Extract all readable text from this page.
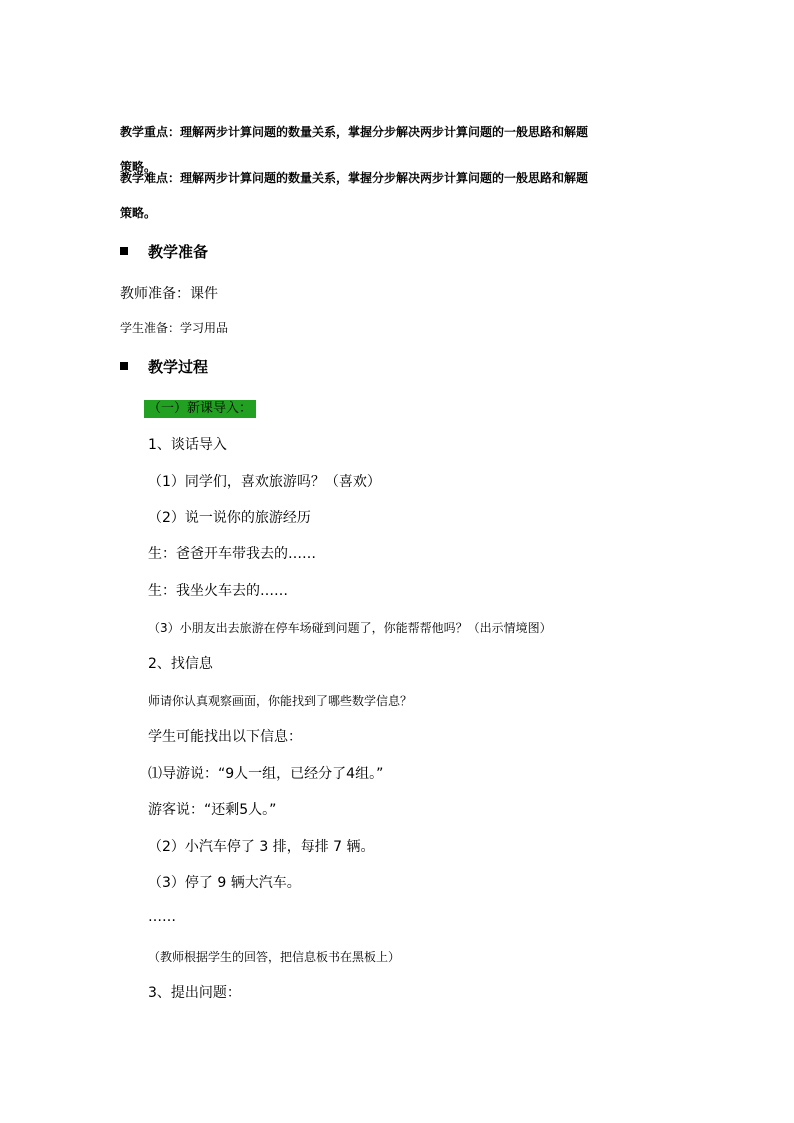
教学重点：理解两步计算问题的数量关系，掌握分步解决两步计算问题的一般思路和解题
策略。
教学难点：理解两步计算问题的数量关系，掌握分步解决两步计算问题的一般思路和解题
策略。
教学准备
教师准备：课件
学生准备：学习用品
教学过程
（一）新课导入：
1、谈话导入
（1）同学们，喜欢旅游吗？（喜欢）
（2）说一说你的旅游经历
生：爸爸开车带我去的……
生：我坐火车去的……
（3）小朋友出去旅游在停车场碰到问题了，你能帮帮他吗？（出示情境图）
2、找信息
师请你认真观察画面，你能找到了哪些数学信息？
学生可能找出以下信息：
⑴导游说：“9人一组，已经分了4组。”
游客说：“还剩5人。”
（2）小汽车停了 3 排，每排 7 辆。
（3）停了 9 辆大汽车。
……
（教师根据学生的回答，把信息板书在黑板上）
3、提出问题：
